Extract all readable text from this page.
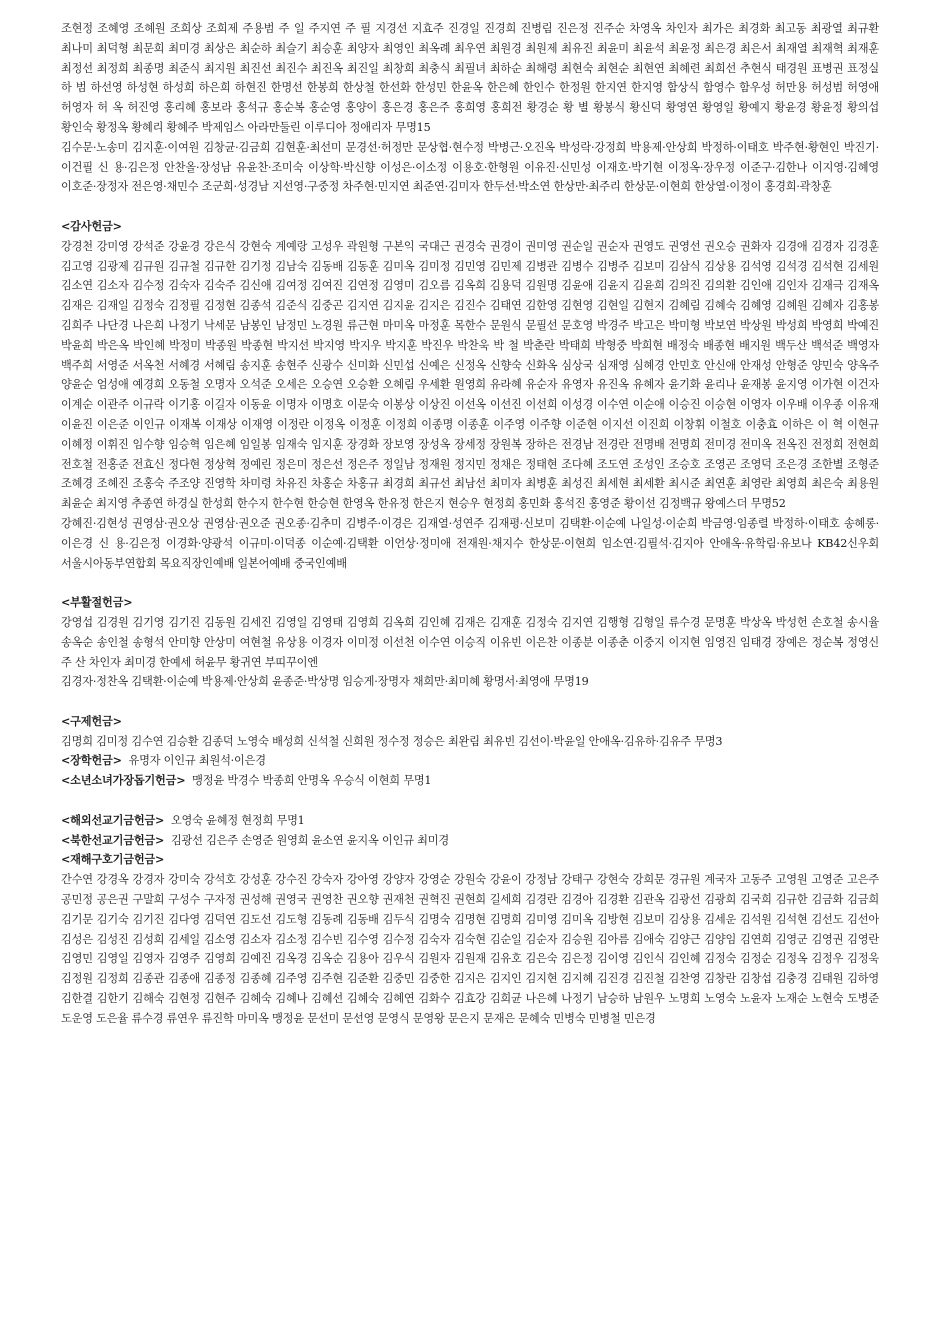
조현정 조혜영 조혜원 조희상 조희제 주용범 주 일 주지연 주 필 지경선 지효주 진경일 진경희 진병림 진은정 진주순 차영옥 차인자 최가은 최경화 최고동 최광열 최규환 최나미 최덕형 최문희 최미경 최상은 최순하 최슬기 최승훈 최양자 최영인 최옥례 최우연 최원경 최원제 최유진 최윤미 최윤석 최윤정 최은경 최은서 최재열 최재혁 최재훈 최정선 최정희 최종명 최준식 최지원 최진선 최진수 최진옥 최진일 최창희 최충식 최필녀 최하순 최해령 최현숙 최현순 최현연 최혜련 최희선 추현식 태경원 표병권 표정실 하 범 하선영 하성현 하성희 하은희 하현진 한명선 한봉희 한상철 한선화 한성민 한윤옥 한은혜 한인수 한정원 한지연 한지영 함상식 함영수 함우성 허만용 허성범 허영애 허영자 허 옥 허진영 홍리혜 홍보라 홍석규 홍순복 홍순영 홍양이 홍은경 홍은주 홍희영 홍희전 황경순 황 별 황봉식 황신덕 황영연 황영일 황예지 황윤경 황윤정 황의섭 황인숙 황정옥 황혜리 황혜주 박제임스 아라만둘린 이루디아 정애리자 무명15

김수문·노송미 김지훈·이여원 김창균·김금희 김현훈·최선미 문경선·허정만 문상협·현수정 박병근·오진옥 박성락·강정희 박용제·안상희 박정하·이태호 박주현·황현인 박진기·이건필 신 용·김은정 안찬올·장성남 유윤찬·조미숙 이상학·박신향 이성은·이소정 이용호·한형원 이유진·신민성 이재호·박기현 이정옥·장우정 이준구·김한나 이지영·김혜영 이호준·장정자 전은영·채민수 조군희·성경남 지선영·구중정 차주현·민지연 최준연·김미자 한두선·박소연 한상만·최주리 한상문·이현희 한상열·이정이 홍경희·곽창훈

<감사헌금>

강경천 강미영 강석준 강윤경 강은식 강현숙 계예랑 고성우 곽원형 구본익 국대근 권경숙 권경이 권미영 권순일 권순자 권영도 권영선 권오승 권화자 김경애 김경자 김경훈 김고영 김광제 김규원 김규철 김규한 김기정 김남숙 김동배 김동훈 김미옥 김미정 김민영 김민제 김병관 김병수 김병주 김보미 김삼식 김상용 김석영 김석경 김석현 김세원 김소연 김소자 김수정 김숙자 김숙주 김신애 김여정 김여진 김연정 김영미 김오름 김옥희 김용덕 김원명 김윤애 김윤지 김윤희 김의진 김의환 김인애 김인자 김재극 김재옥 김재은 김재일 김정숙 김정필 김정현 김종석 김준식 김중곤 김지연 김지윤 김지은 김진수 김태연 김한영 김현영 김현일 김현지 김혜림 김혜숙 김혜영 김혜원 김혜자 김홍봉 김희주 나단경 나은희 나정기 낙세문 남봉인 남정민 노경원 류근현 마미옥 마정훈 목한수 문원식 문필선 문호영 박경주 박고은 박미형 박보연 박상원 박성희 박영희 박예진 박윤희 박은옥 박인혜 박정미 박종원 박종현 박지선 박지영 박지우 박지훈 박진우 박찬욱 박 철 박춘란 박태희 박형중 박희현 배정숙 배종현 배지원 백두산 백석준 백영자 백주희 서영준 서옥천 서혜경 서혜림 송지훈 송현주 신광수 신미화 신민섭 신예은 신정옥 신향숙 신화옥 심상국 심재영 심혜경 안민호 안신애 안재성 안형준 양민숙 양옥주 양윤순 엄성애 예경희 오동철 오명자 오석준 오세은 오승연 오승환 오혜림 우세환 원영희 유라혜 유순자 유영자 유진옥 유혜자 윤기화 윤리나 윤재봉 윤지영 이가현 이건자 이계순 이관주 이규락 이기홍 이길자 이동윤 이명자 이명호 이문숙 이봉상 이상진 이선옥 이선진 이선희 이성경 이수연 이순애 이승진 이승현 이영자 이우배 이우종 이유재 이윤진 이은준 이인규 이재복 이재상 이재영 이정란 이정옥 이정훈 이정희 이종명 이종훈 이주영 이주향 이준현 이지선 이진희 이창휘 이철호 이충효 이하은 이 혁 이현규 이혜정 이휘진 임수향 임승혁 임은혜 임일봉 임재숙 임지훈 장경화 장보영 장성옥 장세정 장원복 장하은 전경남 전경란 전명배 전명희 전미경 전미옥 전옥진 전정희 전현희 전호철 전홍준 전효신 정다현 정상혁 정예린 정은미 정은선 정은주 정일남 정재원 정지민 정채은 정태현 조다혜 조도연 조성인 조승호 조영곤 조영덕 조은경 조한별 조형준 조혜경 조혜진 조홍숙 주조양 진영학 차미령 차유진 차홍순 차홍규 최경희 최규선 최남선 최미자 최병훈 최성진 최세현 최세환 최시준 최연훈 최영란 최영희 최은숙 최용원 최윤순 최지영 추종연 하경실 한성희 한수지 한수현 한승현 한영옥 한유정 한은지 현승우 현정희 홍민화 홍석진 홍영준 황이선 김정백규 왕예스더 무명52

강혜진·김현성 권영삼·권오상 권영삼·권오준 권오종·김추미 김병주·이경은 김재열·성연주 김재평·신보미 김택환·이순예 나일성·이순희 박금영·임종렬 박정하·이태호 송혜롱·이은경 신 용·김은정 이경화·양광석 이규미·이덕종 이순예·김택환 이언상·정미애 전재원·채지수 한상문·이현희 임소연·김필석·김지아 안애옥·유학림·유보나 KB42신우회 서울시아동부연합회 목요직장인예배 일본어예배 중국인예배

<부활절헌금>

강영섭 김경원 김기영 김기진 김동원 김세진 김영일 김영태 김영희 김옥희 김인혜 김재은 김재훈 김정숙 김지연 김행형 김형일 류수경 문명훈 박상옥 박성헌 손호철 송시율 송옥순 송인철 송형석 안미향 안상미 여현철 유상용 이경자 이미정 이선천 이수연 이승직 이유빈 이은찬 이종분 이종춘 이중지 이지현 임영진 임태경 장예은 정순복 정영신 주 산 차인자 최미경 한예세 허윤무 황귀연 부띠꾸이엔

김경자·정찬옥 김택환·이순예 박용제·안상희 윤종준·박상명 임승게·장명자 채희만·최미혜 황명서·최영애 무명19

<구제헌금>

김명희 김미정 김수연 김승환 김종덕 노영숙 배성희 신석철 신희원 정수정 정승은 최완림 최유빈 김선이·박윤일 안애옥·김유하·김유주 무명3

<장학헌금> 유명자 이인규 최원석·이은경

<소년소녀가장돕기헌금> 맹정윤 박경수 박종희 안명옥 우승식 이현희 무명1

<해외선교기금헌금> 오영숙 윤혜정 현정희 무명1

<북한선교기금헌금> 김광선 김은주 손영준 원영희 윤소연 윤지옥 이인규 최미경

<재해구호기금헌금>

간수연 강경옥 강경자 강미숙 강석호 강성훈 강수진 강숙자 강아영 강양자 강영순 강원숙 강윤이 강정남 강태구 강현숙 강희문 경규원 계국자 고동주 고영원 고영준 고은주 공민정 공은권 구말희 구성수 구자정 권성해 권영국 권영찬 권오향 권재천 권혁진 권현희 길세희 김경란 김경아 김경환 김관옥 김광선 김광희 김국희 김규한 김금화 김금희 김기문 김기숙 김기진 김다영 김덕연 김도선 김도형 김동례 김동배 김두식 김명숙 김명현 김명희 김미영 김미옥 김방현 김보미 김상용 김세운 김석원 김석현 김선도 김선아 김성은 김성진 김성희 김세일 김소영 김소자 김소정 김수빈 김수영 김수정 김숙자 김숙현 김순일 김순자 김승원 김아름 김애숙 김양근 김양임 김연희 김영군 김영권 김영란 김영민 김영일 김영자 김영주 김영희 김예진 김옥경 김옥순 김용아 김우식 김원자 김원재 김유호 김은숙 김은정 김이영 김인식 김인혜 김정숙 김정순 김정옥 김정우 김정욱 김정원 김정희 김종관 김종애 김종정 김종혜 김주영 김주현 김준환 김중민 김중한 김지은 김지인 김지현 김지혜 김진경 김진철 김찬영 김창란 김창섭 김충경 김태원 김하영 김한결 김한기 김해숙 김현정 김현주 김혜숙 김혜나 김혜선 김혜숙 김혜연 김화수 김효강 김희균 나은혜 나정기 남승하 남원우 노명희 노영숙 노윤자 노재순 노현숙 도병준 도운영 도은율 류수경 류연우 류진학 마미옥 맹정윤 문선미 문선영 문영식 문영왕 문은지 문재은 문혜숙 민병숙 민병철 민은경
